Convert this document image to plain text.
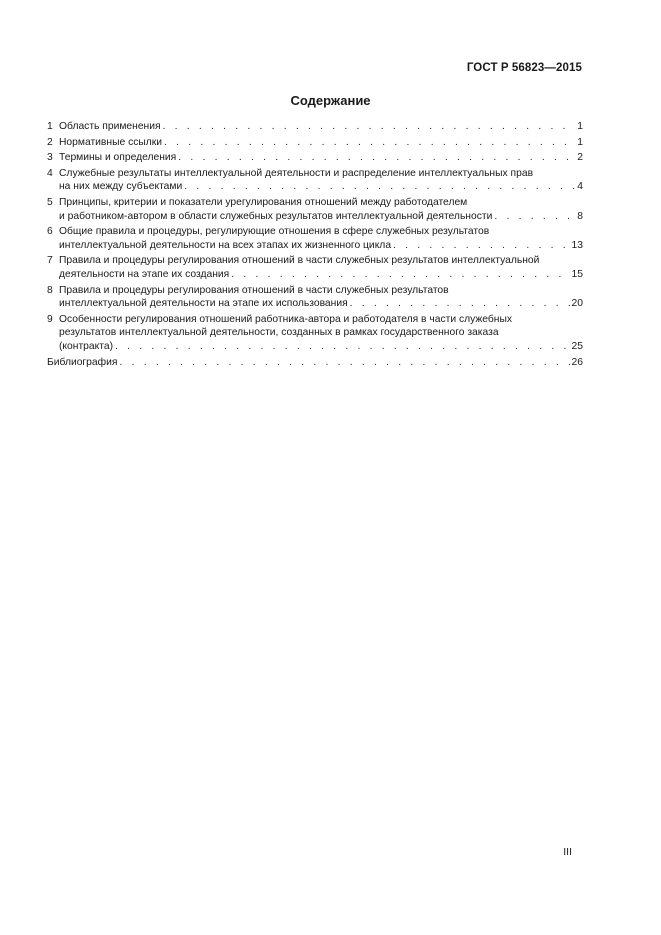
ГОСТ Р 56823—2015
Содержание
1 Область применения . . .	1
2 Нормативные ссылки . . .	1
3 Термины и определения . . .	2
4 Служебные результаты интеллектуальной деятельности и распределение интеллектуальных прав
на них между субъектами . . .	4
5 Принципы, критерии и показатели урегулирования отношений между работодателем
и работником-автором в области служебных результатов интеллектуальной деятельности . . .	8
6 Общие правила и процедуры, регулирующие отношения в сфере служебных результатов
интеллектуальной деятельности на всех этапах их жизненного цикла . . .	13
7 Правила и процедуры регулирования отношений в части служебных результатов интеллектуальной
деятельности на этапе их создания . . .	15
8 Правила и процедуры регулирования отношений в части служебных результатов
интеллектуальной деятельности на этапе их использования . . .	20
9 Особенности регулирования отношений работника-автора и работодателя в части служебных
результатов интеллектуальной деятельности, созданных в рамках государственного заказа
(контракта) . . .	25
Библиография . . .	26
III
